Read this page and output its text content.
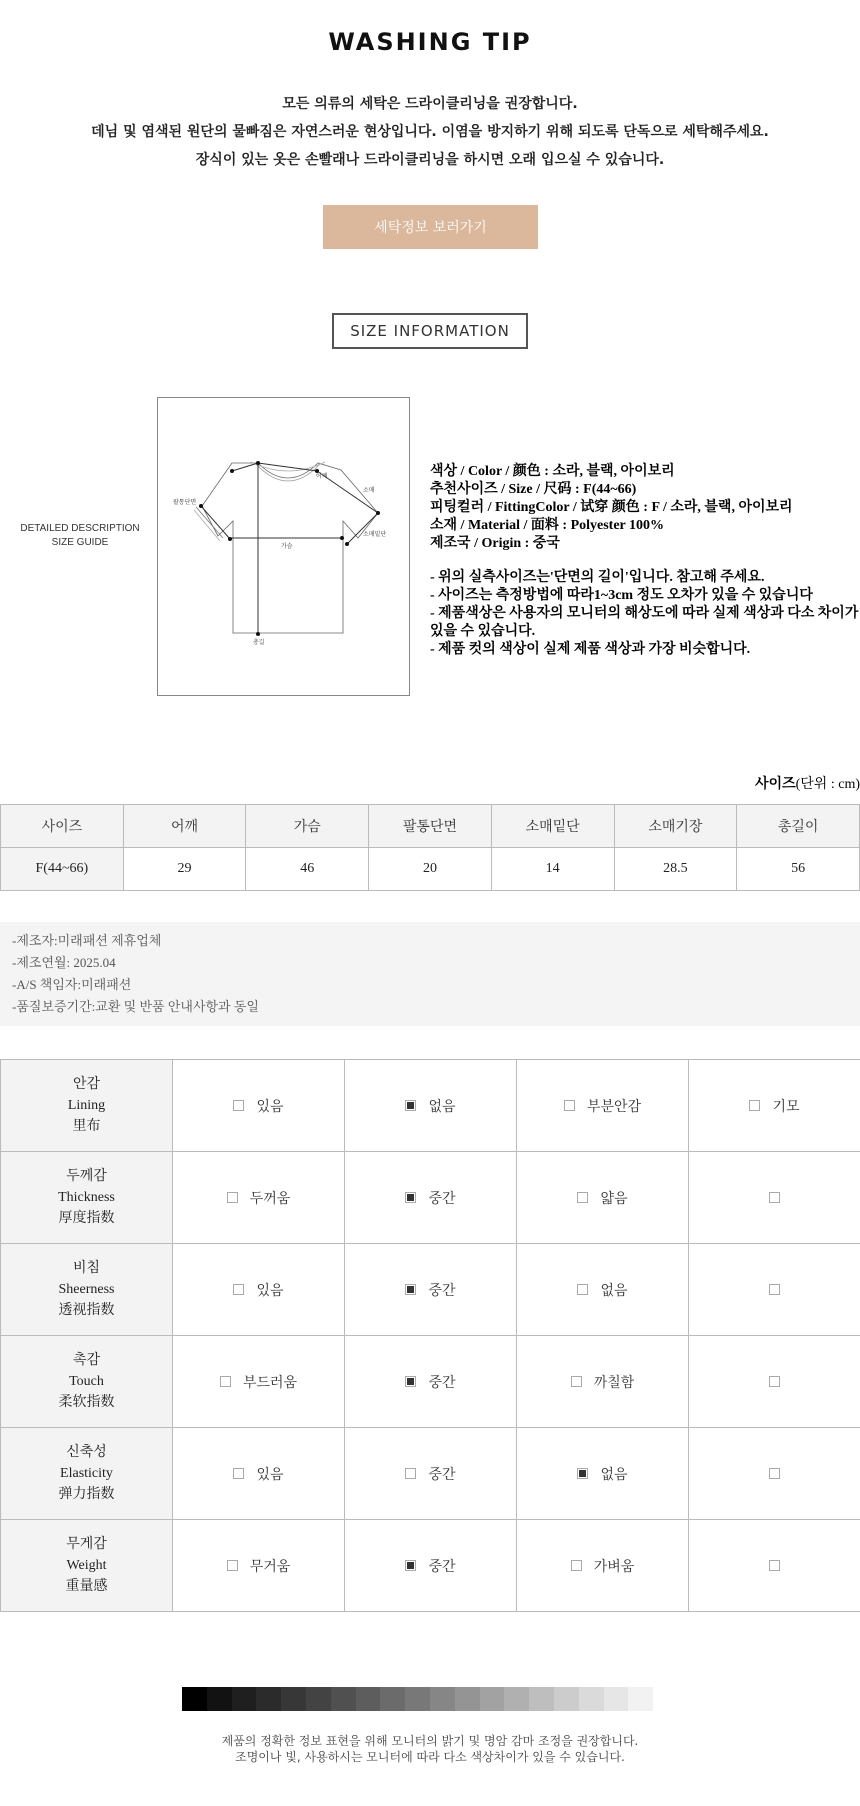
WASHING TIP
모든 의류의 세탁은 드라이클리닝을 권장합니다.
데님 및 염색된 원단의 물빠짐은 자연스러운 현상입니다. 이염을 방지하기 위해 되도록 단독으로 세탁해주세요.
장식이 있는 옷은 손빨래나 드라이클리닝을 하시면 오래 입으실 수 있습니다.
세탁정보 보러가기
SIZE INFORMATION
DETAILED DESCRIPTION
SIZE GUIDE
어깨
소매
팔통단면
소매밑단
가슴
총길
색상 / Color / 颜色 : 소라, 블랙, 아이보리
추천사이즈 / Size / 尺码 : F(44~66)
피팅컬러 / FittingColor / 试穿 颜色 : F / 소라, 블랙, 아이보리
소재 / Material / 面料 : Polyester 100%
제조국 / Origin : 중국
- 위의 실측사이즈는'단면의 길이'입니다. 참고해 주세요.
- 사이즈는 측정방법에 따라1~3cm 정도 오차가 있을 수 있습니다
- 제품색상은 사용자의 모니터의 해상도에 따라 실제 색상과 다소 차이가 있을 수 있습니다.
- 제품 컷의 색상이 실제 제품 색상과 가장 비슷합니다.
사이즈(단위 : cm)
사이즈	어깨	가슴	팔통단면	소매밑단	소매기장	총길이
F(44~66)	29	46	20	14	28.5	56
-제조자:미래패션 제휴업체
-제조연월: 2025.04
-A/S 책임자:미래패션
-품질보증기간:교환 및 반품 안내사항과 동일
안감
Lining
里布	있음	없음	부분안감	기모

두께감
Thickness
厚度指数	두꺼움	중간	얇음	

비침
Sheerness
透视指数	있음	중간	없음	

촉감
Touch
柔软指数	부드러움	중간	까칠함	

신축성
Elasticity
弹力指数	있음	중간	없음	

무게감
Weight
重量感	무거움	중간	가벼움	

제품의 정확한 정보 표현을 위해 모니터의 밝기 및 명암 감마 조정을 권장합니다.
조명이나 빛, 사용하시는 모니터에 따라 다소 색상차이가 있을 수 있습니다.
